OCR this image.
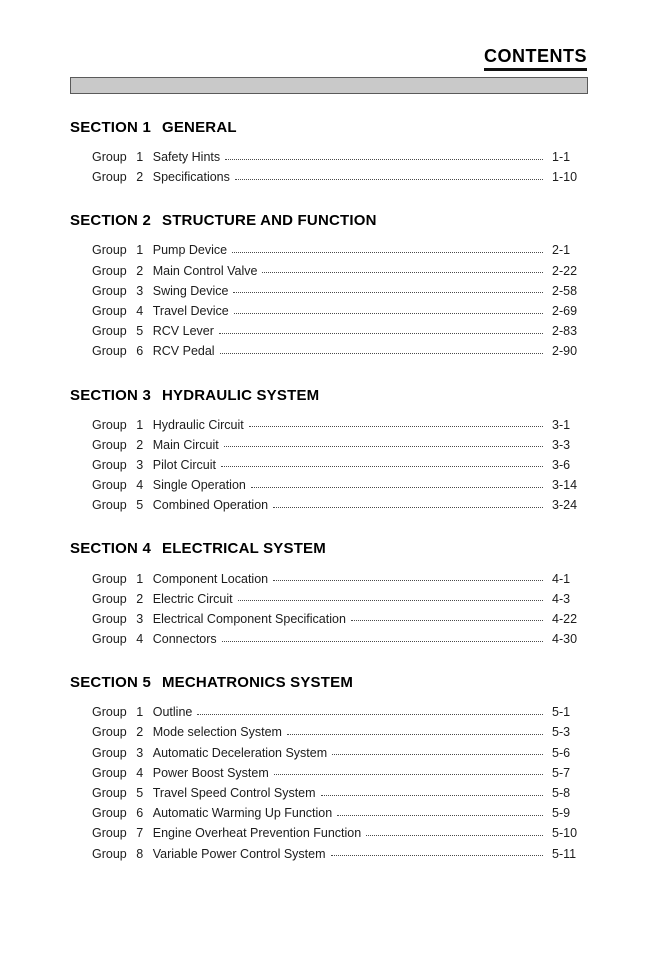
CONTENTS
SECTION 1 GENERAL
Group 1 Safety Hints	1-1
Group 2 Specifications	1-10
SECTION 2 STRUCTURE AND FUNCTION
Group 1 Pump Device	2-1
Group 2 Main Control Valve	2-22
Group 3 Swing Device	2-58
Group 4 Travel Device	2-69
Group 5 RCV Lever	2-83
Group 6 RCV Pedal	2-90
SECTION 3 HYDRAULIC SYSTEM
Group 1 Hydraulic Circuit	3-1
Group 2 Main Circuit	3-3
Group 3 Pilot Circuit	3-6
Group 4 Single Operation	3-14
Group 5 Combined Operation	3-24
SECTION 4 ELECTRICAL SYSTEM
Group 1 Component Location	4-1
Group 2 Electric Circuit	4-3
Group 3 Electrical Component Specification	4-22
Group 4 Connectors	4-30
SECTION 5 MECHATRONICS SYSTEM
Group 1 Outline	5-1
Group 2 Mode selection System	5-3
Group 3 Automatic Deceleration System	5-6
Group 4 Power Boost System	5-7
Group 5 Travel Speed Control System	5-8
Group 6 Automatic Warming Up Function	5-9
Group 7 Engine Overheat Prevention Function	5-10
Group 8 Variable Power Control System	5-11
